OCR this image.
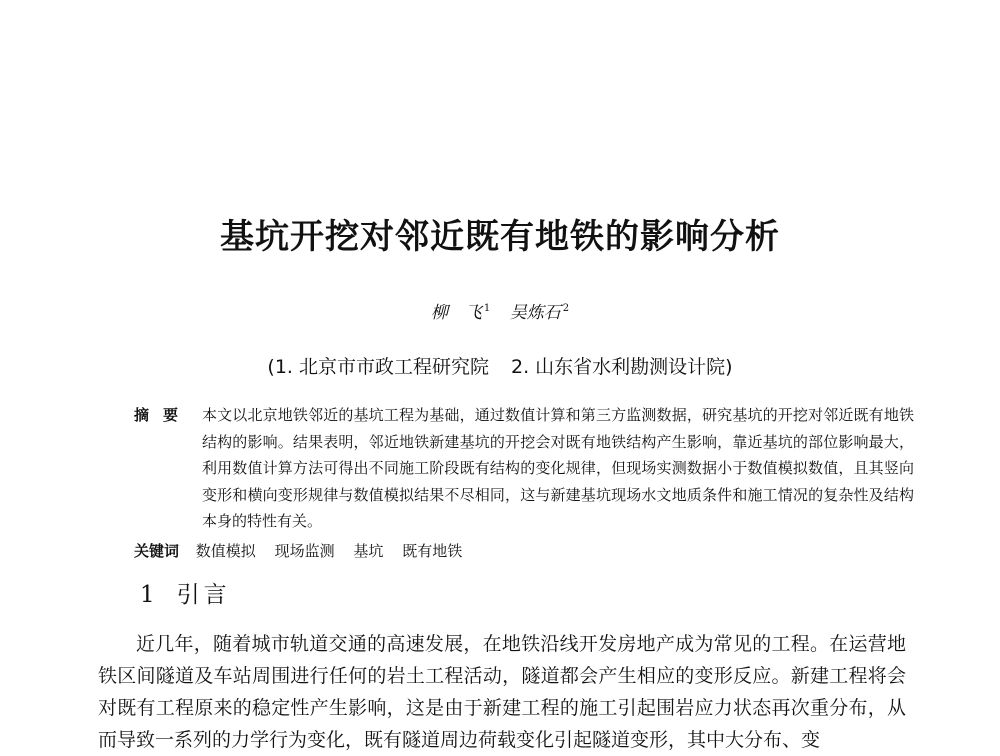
基坑开挖对邻近既有地铁的影响分析
柳　飞 $^1$ 吴炼石 $^2$
(1. 北京市市政工程研究院 2. 山东省水利勘测设计院)
摘要 本文以北京地铁邻近的基坑工程为基础，通过数值计算和第三方监测数据，研究基坑的开挖对邻近既有地铁结构的影响。结果表明，邻近地铁新建基坑的开挖会对既有地铁结构产生影响，靠近基坑的部位影响最大，利用数值计算方法可得出不同施工阶段既有结构的变化规律，但现场实测数据小于数值模拟数值，且其竖向变形和横向变形规律与数值模拟结果不尽相同，这与新建基坑现场水文地质条件和施工情况的复杂性及结构本身的特性有关。
关键词 数值模拟 现场监测 基坑 既有地铁
1 引言
近几年，随着城市轨道交通的高速发展，在地铁沿线开发房地产成为常见的工程。在运营地铁区间隧道及车站周围进行任何的岩土工程活动，隧道都会产生相应的变形反应。新建工程将会对既有工程原来的稳定性产生影响，这是由于新建工程的施工引起围岩应力状态再次重分布，从而导致一系列的力学行为变化，既有隧道周边荷载变化引起隧道变形，其中大分布、变
